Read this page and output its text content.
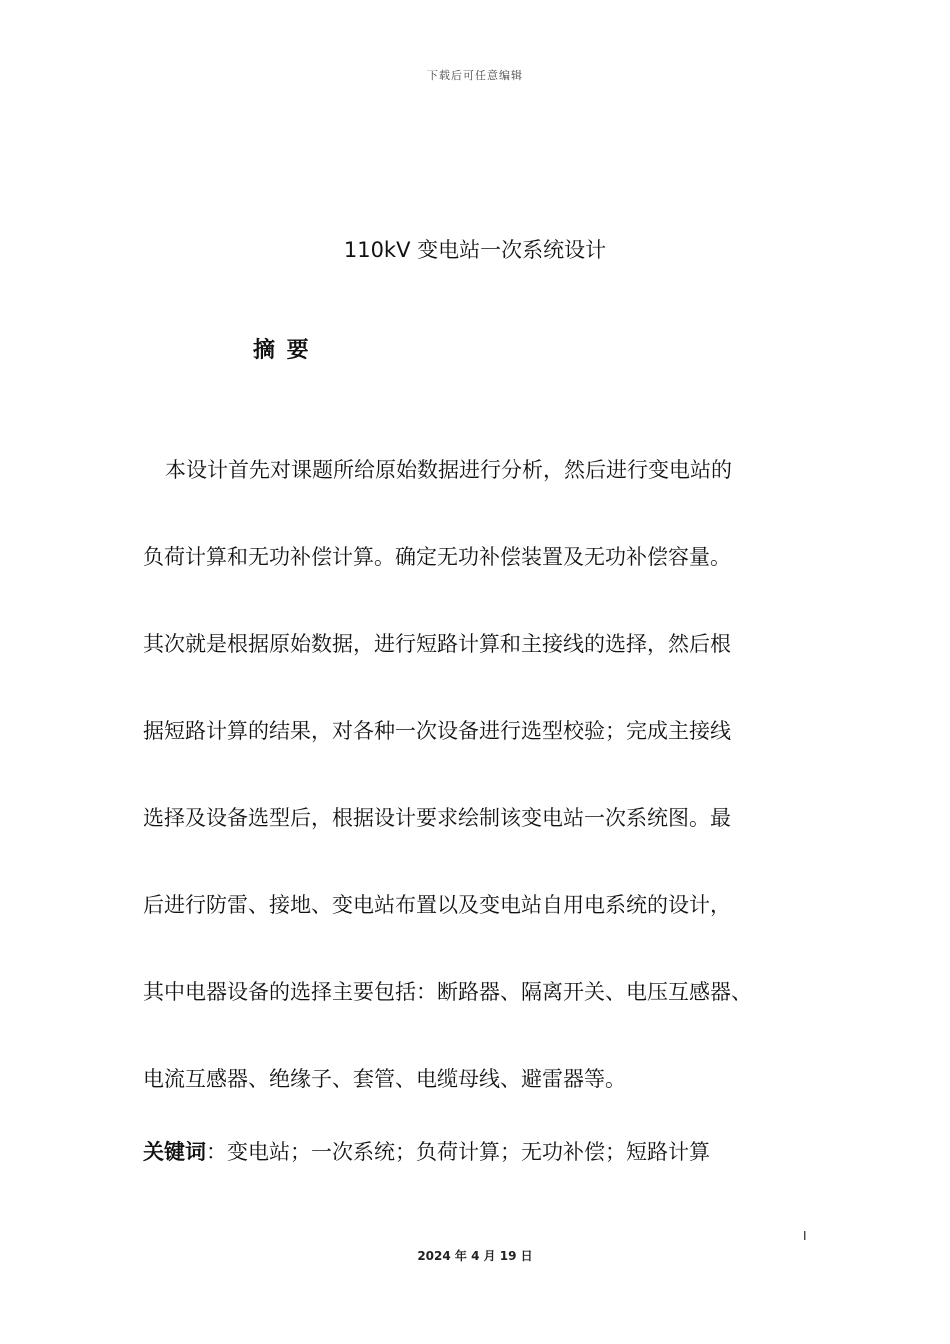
下载后可任意编辑
110kV 变电站一次系统设计
摘 要
本设计首先对课题所给原始数据进行分析，然后进行变电站的
负荷计算和无功补偿计算。确定无功补偿装置及无功补偿容量。
其次就是根据原始数据，进行短路计算和主接线的选择，然后根
据短路计算的结果，对各种一次设备进行选型校验；完成主接线
选择及设备选型后，根据设计要求绘制该变电站一次系统图。最
后进行防雷、接地、变电站布置以及变电站自用电系统的设计，
其中电器设备的选择主要包括：断路器、隔离开关、电压互感器、
电流互感器、绝缘子、套管、电缆母线、避雷器等。
关键词：变电站；一次系统；负荷计算；无功补偿；短路计算
I
2024 年 4 月 19 日
